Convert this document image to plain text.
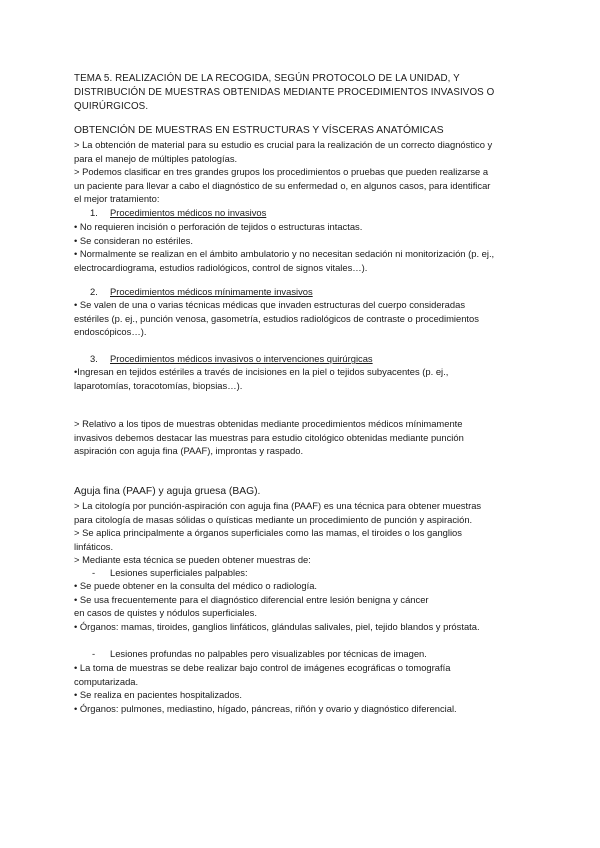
TEMA 5. REALIZACIÓN DE LA RECOGIDA, SEGÚN PROTOCOLO DE LA UNIDAD, Y
DISTRIBUCIÓN DE MUESTRAS OBTENIDAS MEDIANTE PROCEDIMIENTOS INVASIVOS O
QUIRÚRGICOS.
OBTENCIÓN DE MUESTRAS EN ESTRUCTURAS Y VÍSCERAS ANATÓMICAS
> La obtención de material para su estudio es crucial para la realización de un correcto diagnóstico y
para el manejo de múltiples patologías.
> Podemos clasificar en tres grandes grupos los procedimientos o pruebas que pueden realizarse a
un paciente para llevar a cabo el diagnóstico de su enfermedad o, en algunos casos, para identificar
el mejor tratamiento:
1. Procedimientos médicos no invasivos
• No requieren incisión o perforación de tejidos o estructuras intactas.
• Se consideran no estériles.
• Normalmente se realizan en el ámbito ambulatorio y no necesitan sedación ni monitorización (p. ej.,
electrocardiograma, estudios radiológicos, control de signos vitales…).
2. Procedimientos médicos mínimamente invasivos
• Se valen de una o varias técnicas médicas que invaden estructuras del cuerpo consideradas
estériles (p. ej., punción venosa, gasometría, estudios radiológicos de contraste o procedimientos
endoscópicos…).
3. Procedimientos médicos invasivos o intervenciones quirúrgicas
•Ingresan en tejidos estériles a través de incisiones en la piel o tejidos subyacentes (p. ej.,
laparotomías, toracotomías, biopsias…).
> Relativo a los tipos de muestras obtenidas mediante procedimientos médicos mínimamente
invasivos debemos destacar las muestras para estudio citológico obtenidas mediante punción
aspiración con aguja fina (PAAF), improntas y raspado.
Aguja fina (PAAF) y aguja gruesa (BAG).
> La citología por punción-aspiración con aguja fina (PAAF) es una técnica para obtener muestras
para citología de masas sólidas o quísticas mediante un procedimiento de punción y aspiración.
> Se aplica principalmente a órganos superficiales como las mamas, el tiroides o los ganglios
linfáticos.
> Mediante esta técnica se pueden obtener muestras de:
- Lesiones superficiales palpables:
• Se puede obtener en la consulta del médico o radiología.
• Se usa frecuentemente para el diagnóstico diferencial entre lesión benigna y cáncer
en casos de quistes y nódulos superficiales.
• Órganos: mamas, tiroides, ganglios linfáticos, glándulas salivales, piel, tejido blandos y próstata.
- Lesiones profundas no palpables pero visualizables por técnicas de imagen.
• La toma de muestras se debe realizar bajo control de imágenes ecográficas o tomografía
computarizada.
• Se realiza en pacientes hospitalizados.
• Órganos: pulmones, mediastino, hígado, páncreas, riñón y ovario y diagnóstico diferencial.
